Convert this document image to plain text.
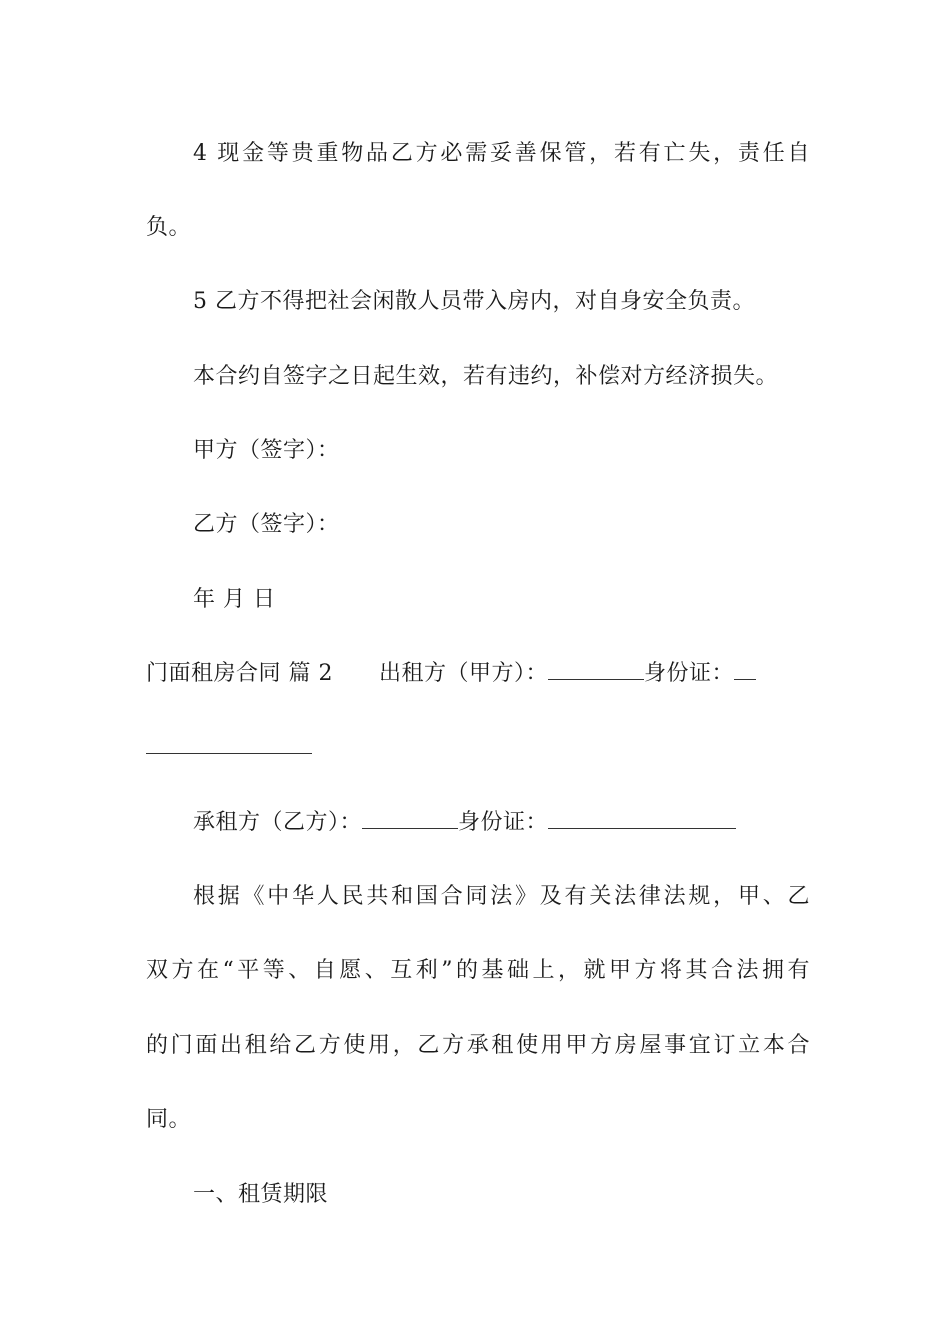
4 现金等贵重物品乙方必需妥善保管，若有亡失，责任自
负。
5 乙方不得把社会闲散人员带入房内，对自身安全负责。
本合约自签字之日起生效，若有违约，补偿对方经济损失。
甲方（签字）：
乙方（签字）：
年 月 日
门面租房合同 篇 2 出租方（甲方）：	身份证：
承租方（乙方）：	身份证：
根据《中华人民共和国合同法》及有关法律法规，甲、乙
双方在“平等、自愿、互利”的基础上，就甲方将其合法拥有
的门面出租给乙方使用，乙方承租使用甲方房屋事宜订立本合
同。
一、租赁期限
